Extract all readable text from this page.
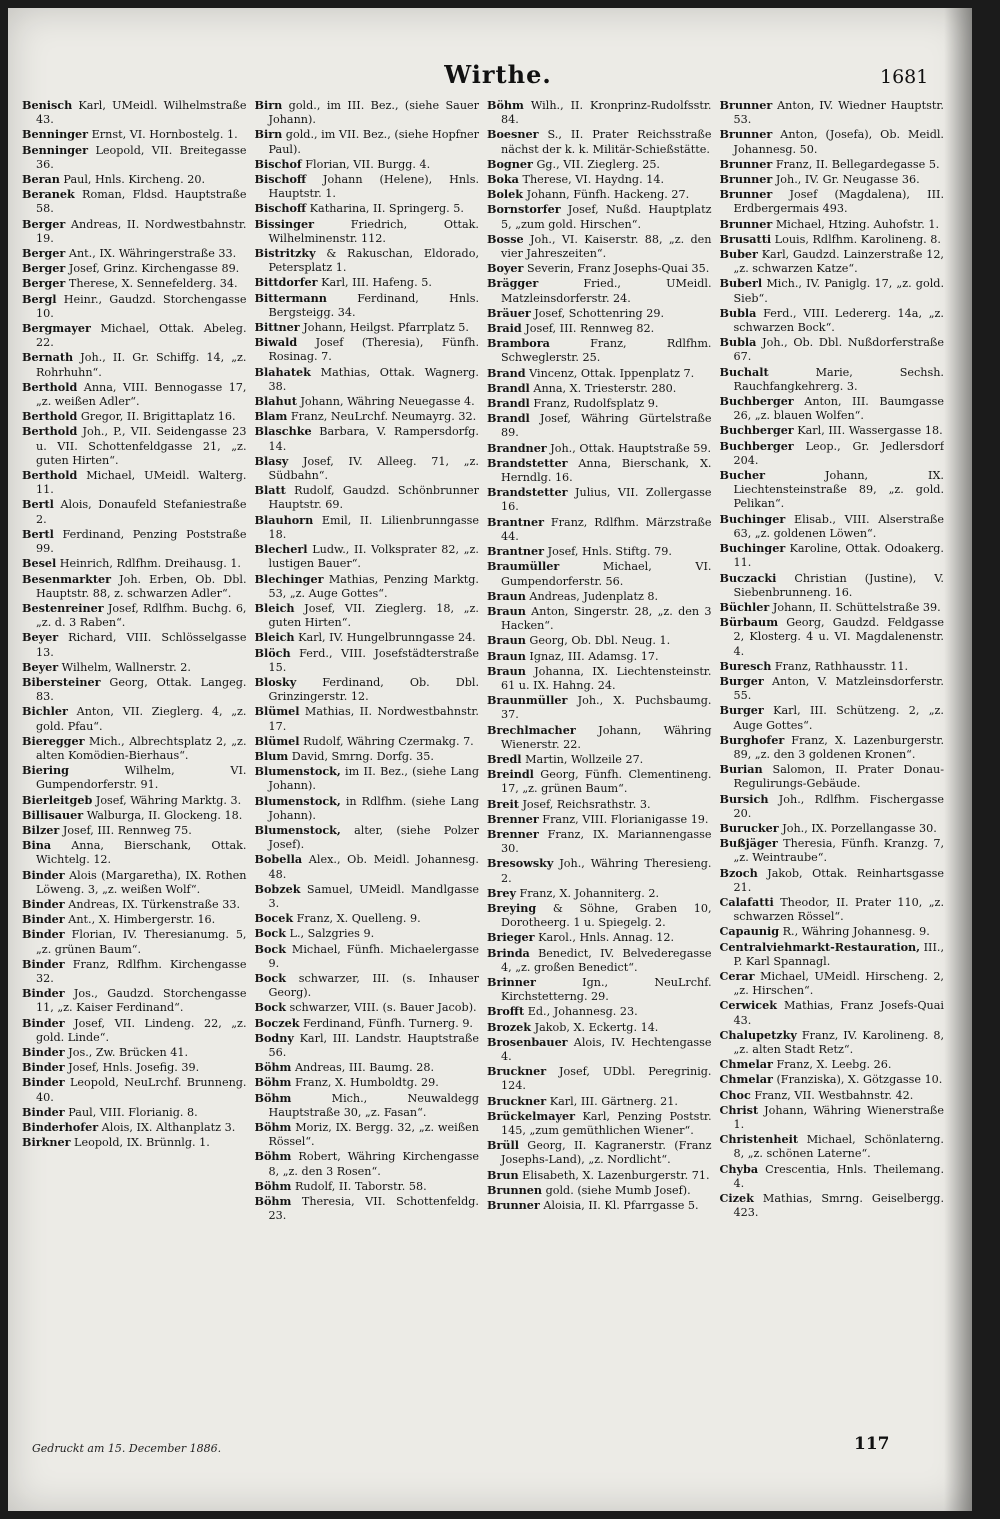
Wirthe.	1681
Benisch Karl, UMeidl. Wilhelmstraße 43.
Benninger Ernst, VI. Hornbostelg. 1.
Benninger Leopold, VII. Breitegasse 36.
Beran Paul, Hnls. Kircheng. 20.
Beranek Roman, Fldsd. Hauptstraße 58.
Berger Andreas, II. Nordwestbahnstr. 19.
Berger Ant., IX. Währingerstraße 33.
Berger Josef, Grinz. Kirchengasse 89.
Berger Therese, X. Sennefelderg. 34.
Bergl Heinr., Gaudzd. Storchengasse 10.
Bergmayer Michael, Ottak. Abeleg. 22.
Bernath Joh., II. Gr. Schiffg. 14, „z. Rohrhuhn“.
Berthold Anna, VIII. Bennogasse 17, „z. weißen Adler“.
Berthold Gregor, II. Brigittaplatz 16.
Berthold Joh., P., VII. Seidengasse 23 u. VII. Schottenfeldgasse 21, „z. guten Hirten“.
Berthold Michael, UMeidl. Walterg. 11.
Bertl Alois, Donaufeld Stefaniestraße 2.
Bertl Ferdinand, Penzing Poststraße 99.
Besel Heinrich, Rdlfhm. Dreihausg. 1.
Besenmarkter Joh. Erben, Ob. Dbl. Hauptstr. 88, z. schwarzen Adler“.
Bestenreiner Josef, Rdlfhm. Buchg. 6, „z. d. 3 Raben“.
Beyer Richard, VIII. Schlösselgasse 13.
Beyer Wilhelm, Wallnerstr. 2.
Bibersteiner Georg, Ottak. Langeg. 83.
Bichler Anton, VII. Zieglerg. 4, „z. gold. Pfau“.
Bieregger Mich., Albrechtsplatz 2, „z. alten Komödien-Bierhaus“.
Biering Wilhelm, VI. Gumpendorferstr. 91.
Bierleitgeb Josef, Währing Marktg. 3.
Billisauer Walburga, II. Glockeng. 18.
Bilzer Josef, III. Rennweg 75.
Bina Anna, Bierschank, Ottak. Wichtelg. 12.
Binder Alois (Margaretha), IX. Rothen Löweng. 3, „z. weißen Wolf“.
Binder Andreas, IX. Türkenstraße 33.
Binder Ant., X. Himbergerstr. 16.
Binder Florian, IV. Theresianumg. 5, „z. grünen Baum“.
Binder Franz, Rdlfhm. Kirchengasse 32.
Binder Jos., Gaudzd. Storchengasse 11, „z. Kaiser Ferdinand“.
Binder Josef, VII. Lindeng. 22, „z. gold. Linde“.
Binder Jos., Zw. Brücken 41.
Binder Josef, Hnls. Josefig. 39.
Binder Leopold, NeuLrchf. Brunneng. 40.
Binder Paul, VIII. Florianig. 8.
Binderhofer Alois, IX. Althanplatz 3.
Birkner Leopold, IX. Brünnlg. 1.
Birn gold., im III. Bez., (siehe Sauer Johann).
Birn gold., im VII. Bez., (siehe Hopfner Paul).
Bischof Florian, VII. Burgg. 4.
Bischoff Johann (Helene), Hnls. Hauptstr. 1.
Bischoff Katharina, II. Springerg. 5.
Bissinger Friedrich, Ottak. Wilhelminenstr. 112.
Bistritzky & Rakuschan, Eldorado, Petersplatz 1.
Bittdorfer Karl, III. Hafeng. 5.
Bittermann Ferdinand, Hnls. Bergsteigg. 34.
Bittner Johann, Heilgst. Pfarrplatz 5.
Biwald Josef (Theresia), Fünfh. Rosinag. 7.
Blahatek Mathias, Ottak. Wagnerg. 38.
Blahut Johann, Währing Neuegasse 4.
Blam Franz, NeuLrchf. Neumayrg. 32.
Blaschke Barbara, V. Rampersdorfg. 14.
Blasy Josef, IV. Alleeg. 71, „z. Südbahn“.
Blatt Rudolf, Gaudzd. Schönbrunner Hauptstr. 69.
Blauhorn Emil, II. Lilienbrunngasse 18.
Blecherl Ludw., II. Volksprater 82, „z. lustigen Bauer“.
Blechinger Mathias, Penzing Marktg. 53, „z. Auge Gottes“.
Bleich Josef, VII. Zieglerg. 18, „z. guten Hirten“.
Bleich Karl, IV. Hungelbrunngasse 24.
Blöch Ferd., VIII. Josefstädterstraße 15.
Blosky Ferdinand, Ob. Dbl. Grinzingerstr. 12.
Blümel Mathias, II. Nordwestbahnstr. 17.
Blümel Rudolf, Währing Czermakg. 7.
Blum David, Smrng. Dorfg. 35.
Blumenstock, im II. Bez., (siehe Lang Johann).
Blumenstock, in Rdlfhm. (siehe Lang Johann).
Blumenstock, alter, (siehe Polzer Josef).
Bobella Alex., Ob. Meidl. Johannesg. 48.
Bobzek Samuel, UMeidl. Mandlgasse 3.
Bocek Franz, X. Quelleng. 9.
Bock L., Salzgries 9.
Bock Michael, Fünfh. Michaelergasse 9.
Bock schwarzer, III. (s. Inhauser Georg).
Bock schwarzer, VIII. (s. Bauer Jacob).
Boczek Ferdinand, Fünfh. Turnerg. 9.
Bodny Karl, III. Landstr. Hauptstraße 56.
Böhm Andreas, III. Baumg. 28.
Böhm Franz, X. Humboldtg. 29.
Böhm Mich., Neuwaldegg Hauptstraße 30, „z. Fasan“.
Böhm Moriz, IX. Bergg. 32, „z. weißen Rössel“.
Böhm Robert, Währing Kirchengasse 8, „z. den 3 Rosen“.
Böhm Rudolf, II. Taborstr. 58.
Böhm Theresia, VII. Schottenfeldg. 23.
Böhm Wilh., II. Kronprinz-Rudolfsstr. 84.
Boesner S., II. Prater Reichsstraße nächst der k. k. Militär-Schießstätte.
Bogner Gg., VII. Zieglerg. 25.
Boka Therese, VI. Haydng. 14.
Bolek Johann, Fünfh. Hackeng. 27.
Bornstorfer Josef, Nußd. Hauptplatz 5, „zum gold. Hirschen“.
Bosse Joh., VI. Kaiserstr. 88, „z. den vier Jahreszeiten“.
Boyer Severin, Franz Josephs-Quai 35.
Brägger Fried., UMeidl. Matzleinsdorferstr. 24.
Bräuer Josef, Schottenring 29.
Braid Josef, III. Rennweg 82.
Brambora Franz, Rdlfhm. Schweglerstr. 25.
Brand Vincenz, Ottak. Ippenplatz 7.
Brandl Anna, X. Triesterstr. 280.
Brandl Franz, Rudolfsplatz 9.
Brandl Josef, Währing Gürtelstraße 89.
Brandner Joh., Ottak. Hauptstraße 59.
Brandstetter Anna, Bierschank, X. Herndlg. 16.
Brandstetter Julius, VII. Zollergasse 16.
Brantner Franz, Rdlfhm. Märzstraße 44.
Brantner Josef, Hnls. Stiftg. 79.
Braumüller Michael, VI. Gumpendorferstr. 56.
Braun Andreas, Judenplatz 8.
Braun Anton, Singerstr. 28, „z. den 3 Hacken“.
Braun Georg, Ob. Dbl. Neug. 1.
Braun Ignaz, III. Adamsg. 17.
Braun Johanna, IX. Liechtensteinstr. 61 u. IX. Hahng. 24.
Braunmüller Joh., X. Puchsbaumg. 37.
Brechlmacher Johann, Währing Wienerstr. 22.
Bredl Martin, Wollzeile 27.
Breindl Georg, Fünfh. Clementineng. 17, „z. grünen Baum“.
Breit Josef, Reichsrathstr. 3.
Brenner Franz, VIII. Florianigasse 19.
Brenner Franz, IX. Mariannengasse 30.
Bresowsky Joh., Währing Theresieng. 2.
Brey Franz, X. Johanniterg. 2.
Breying & Söhne, Graben 10, Dorotheerg. 1 u. Spiegelg. 2.
Brieger Karol., Hnls. Annag. 12.
Brinda Benedict, IV. Belvederegasse 4, „z. großen Benedict“.
Brinner Ign., NeuLrchf. Kirchstetterng. 29.
Brofft Ed., Johannesg. 23.
Brozek Jakob, X. Eckertg. 14.
Brosenbauer Alois, IV. Hechtengasse 4.
Bruckner Josef, UDbl. Peregrinig. 124.
Bruckner Karl, III. Gärtnerg. 21.
Brückelmayer Karl, Penzing Poststr. 145, „zum gemüthlichen Wiener“.
Brüll Georg, II. Kagranerstr. (Franz Josephs-Land), „z. Nordlicht“.
Brun Elisabeth, X. Lazenburgerstr. 71.
Brunnen gold. (siehe Mumb Josef).
Brunner Aloisia, II. Kl. Pfarrgasse 5.
Brunner Anton, IV. Wiedner Hauptstr. 53.
Brunner Anton, (Josefa), Ob. Meidl. Johannesg. 50.
Brunner Franz, II. Bellegardegasse 5.
Brunner Joh., IV. Gr. Neugasse 36.
Brunner Josef (Magdalena), III. Erdbergermais 493.
Brunner Michael, Htzing. Auhofstr. 1.
Brusatti Louis, Rdlfhm. Karolineng. 8.
Buber Karl, Gaudzd. Lainzerstraße 12, „z. schwarzen Katze“.
Buberl Mich., IV. Paniglg. 17, „z. gold. Sieb“.
Bubla Ferd., VIII. Ledererg. 14a, „z. schwarzen Bock“.
Bubla Joh., Ob. Dbl. Nußdorferstraße 67.
Buchalt Marie, Sechsh. Rauchfangkehrerg. 3.
Buchberger Anton, III. Baumgasse 26, „z. blauen Wolfen“.
Buchberger Karl, III. Wassergasse 18.
Buchberger Leop., Gr. Jedlersdorf 204.
Bucher Johann, IX. Liechtensteinstraße 89, „z. gold. Pelikan“.
Buchinger Elisab., VIII. Alserstraße 63, „z. goldenen Löwen“.
Buchinger Karoline, Ottak. Odoakerg. 11.
Buczacki Christian (Justine), V. Siebenbrunneng. 16.
Büchler Johann, II. Schüttelstraße 39.
Bürbaum Georg, Gaudzd. Feldgasse 2, Klosterg. 4 u. VI. Magdalenenstr. 4.
Buresch Franz, Rathhausstr. 11.
Burger Anton, V. Matzleinsdorferstr. 55.
Burger Karl, III. Schützeng. 2, „z. Auge Gottes“.
Burghofer Franz, X. Lazenburgerstr. 89, „z. den 3 goldenen Kronen“.
Burian Salomon, II. Prater Donau-Regulirungs-Gebäude.
Bursich Joh., Rdlfhm. Fischergasse 20.
Burucker Joh., IX. Porzellangasse 30.
Bußjäger Theresia, Fünfh. Kranzg. 7, „z. Weintraube“.
Bzoch Jakob, Ottak. Reinhartsgasse 21.
Calafatti Theodor, II. Prater 110, „z. schwarzen Rössel“.
Capaunig R., Währing Johannesg. 9.
Centralviehmarkt-Restauration, III., P. Karl Spannagl.
Cerar Michael, UMeidl. Hirscheng. 2, „z. Hirschen“.
Cerwicek Mathias, Franz Josefs-Quai 43.
Chalupetzky Franz, IV. Karolineng. 8, „z. alten Stadt Retz“.
Chmelar Franz, X. Leebg. 26.
Chmelar (Franziska), X. Götzgasse 10.
Choc Franz, VII. Westbahnstr. 42.
Christ Johann, Währing Wienerstraße 1.
Christenheit Michael, Schönlaterng. 8, „z. schönen Laterne“.
Chyba Crescentia, Hnls. Theilemang. 4.
Cizek Mathias, Smrng. Geiselbergg. 423.
Gedruckt am 15. December 1886.	117
